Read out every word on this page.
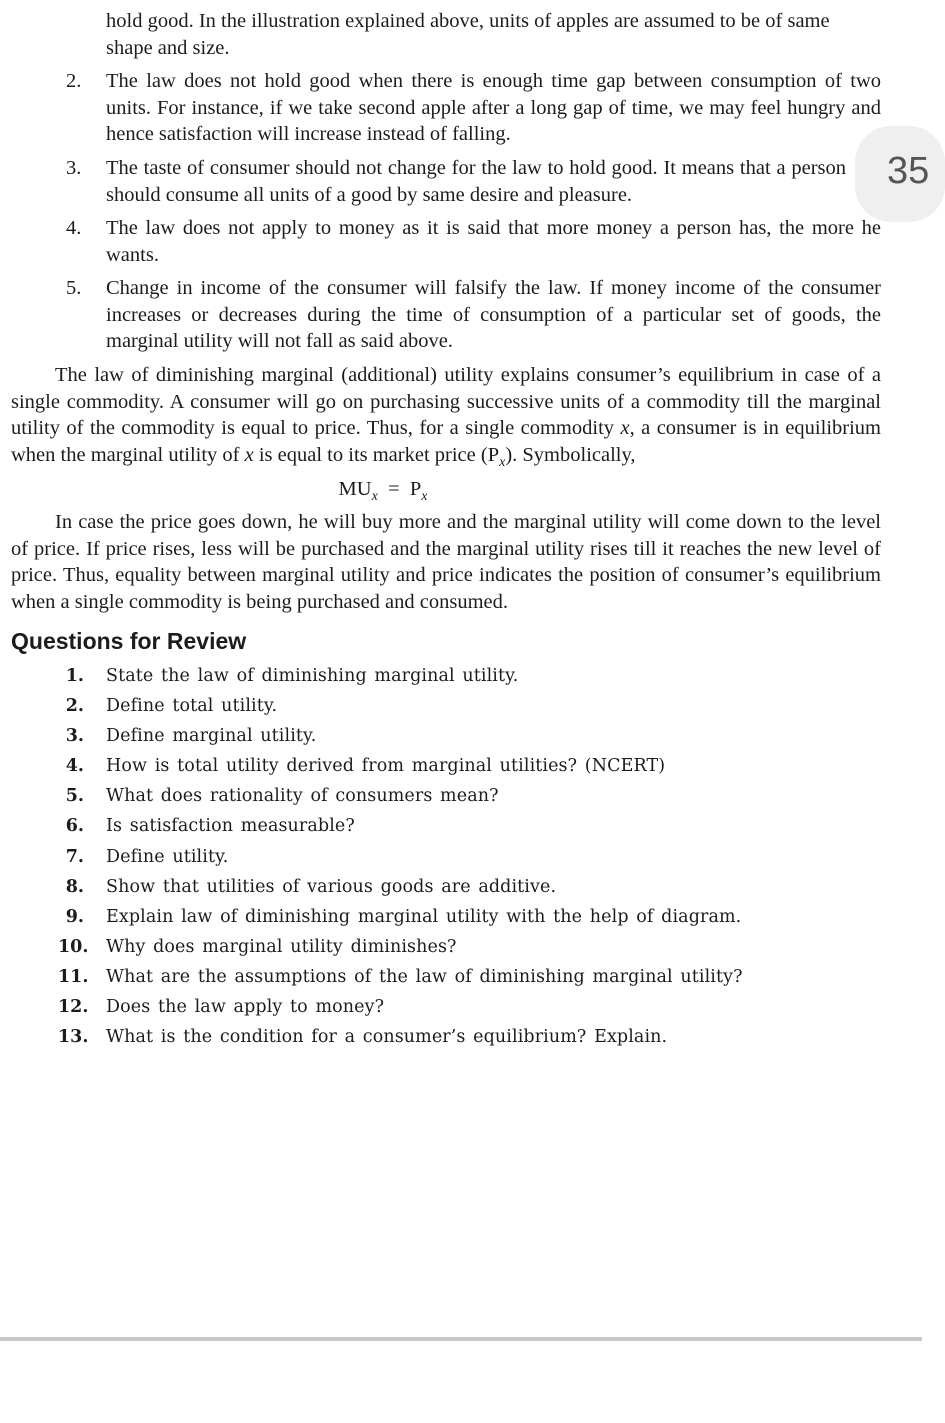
hold good. In the illustration explained above, units of apples are assumed to be of same
shape and size.
2. The law does not hold good when there is enough time gap between consumption of two units. For instance, if we take second apple after a long gap of time, we may feel hungry and hence satisfaction will increase instead of falling.
3. The taste of consumer should not change for the law to hold good. It means that a person should consume all units of a good by same desire and pleasure.
4. The law does not apply to money as it is said that more money a person has, the more he wants.
5. Change in income of the consumer will falsify the law. If money income of the consumer increases or decreases during the time of consumption of a particular set of goods, the marginal utility will not fall as said above.
35
The law of diminishing marginal (additional) utility explains consumer’s equilibrium in case of a single commodity. A consumer will go on purchasing successive units of a commodity till the marginal utility of the commodity is equal to price. Thus, for a single commodity x, a consumer is in equilibrium when the marginal utility of x is equal to its market price $(P_x)$. Symbolically,
$MU_x = P_x$
In case the price goes down, he will buy more and the marginal utility will come down to the level of price. If price rises, less will be purchased and the marginal utility rises till it reaches the new level of price. Thus, equality between marginal utility and price indicates the position of consumer’s equilibrium when a single commodity is being purchased and consumed.
Questions for Review
1. State the law of diminishing marginal utility.
2. Define total utility.
3. Define marginal utility.
4. How is total utility derived from marginal utilities? (NCERT)
5. What does rationality of consumers mean?
6. Is satisfaction measurable?
7. Define utility.
8. Show that utilities of various goods are additive.
9. Explain law of diminishing marginal utility with the help of diagram.
10. Why does marginal utility diminishes?
11. What are the assumptions of the law of diminishing marginal utility?
12. Does the law apply to money?
13. What is the condition for a consumer’s equilibrium? Explain.
